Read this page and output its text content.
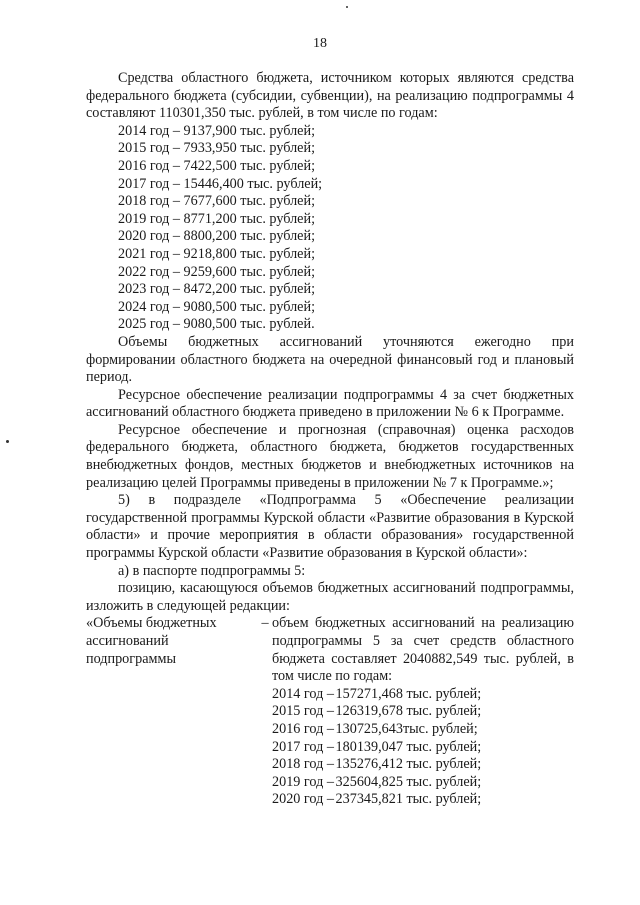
18

Средства областного бюджета, источником которых являются средства федерального бюджета (субсидии, субвенции), на реализацию подпрограммы 4 составляют 110301,350 тыс. рублей, в том числе по годам:

2014 год – 9137,900 тыс. рублей;
2015 год – 7933,950 тыс. рублей;
2016 год – 7422,500 тыс. рублей;
2017 год – 15446,400 тыс. рублей;
2018 год – 7677,600 тыс. рублей;
2019 год – 8771,200 тыс. рублей;
2020 год – 8800,200 тыс. рублей;
2021 год – 9218,800 тыс. рублей;
2022 год – 9259,600 тыс. рублей;
2023 год – 8472,200 тыс. рублей;
2024 год – 9080,500 тыс. рублей;
2025 год – 9080,500 тыс. рублей.

Объемы бюджетных ассигнований уточняются ежегодно при формировании областного бюджета на очередной финансовый год и плановый период.

Ресурсное обеспечение реализации подпрограммы 4 за счет бюджетных ассигнований областного бюджета приведено в приложении № 6 к Программе.

Ресурсное обеспечение и прогнозная (справочная) оценка расходов федерального бюджета, областного бюджета, бюджетов государственных внебюджетных фондов, местных бюджетов и внебюджетных источников на реализацию целей Программы приведены в приложении № 7 к Программе.»;

5) в подразделе «Подпрограмма 5 «Обеспечение реализации государственной программы Курской области «Развитие образования в Курской области» и прочие мероприятия в области образования» государственной программы Курской области «Развитие образования в Курской области»:

а) в паспорте подпрограммы 5:

позицию, касающуюся объемов бюджетных ассигнований подпрограммы, изложить в следующей редакции:

«Объемы бюджетных ассигнований подпрограммы
– объем бюджетных ассигнований на реализацию подпрограммы 5 за счет средств областного бюджета составляет 2040882,549 тыс. рублей, в том числе по годам:
2014 год – 157271,468 тыс. рублей;
2015 год – 126319,678 тыс. рублей;
2016 год – 130725,643тыс. рублей;
2017 год – 180139,047 тыс. рублей;
2018 год – 135276,412 тыс. рублей;
2019 год – 325604,825 тыс. рублей;
2020 год – 237345,821 тыс. рублей;
